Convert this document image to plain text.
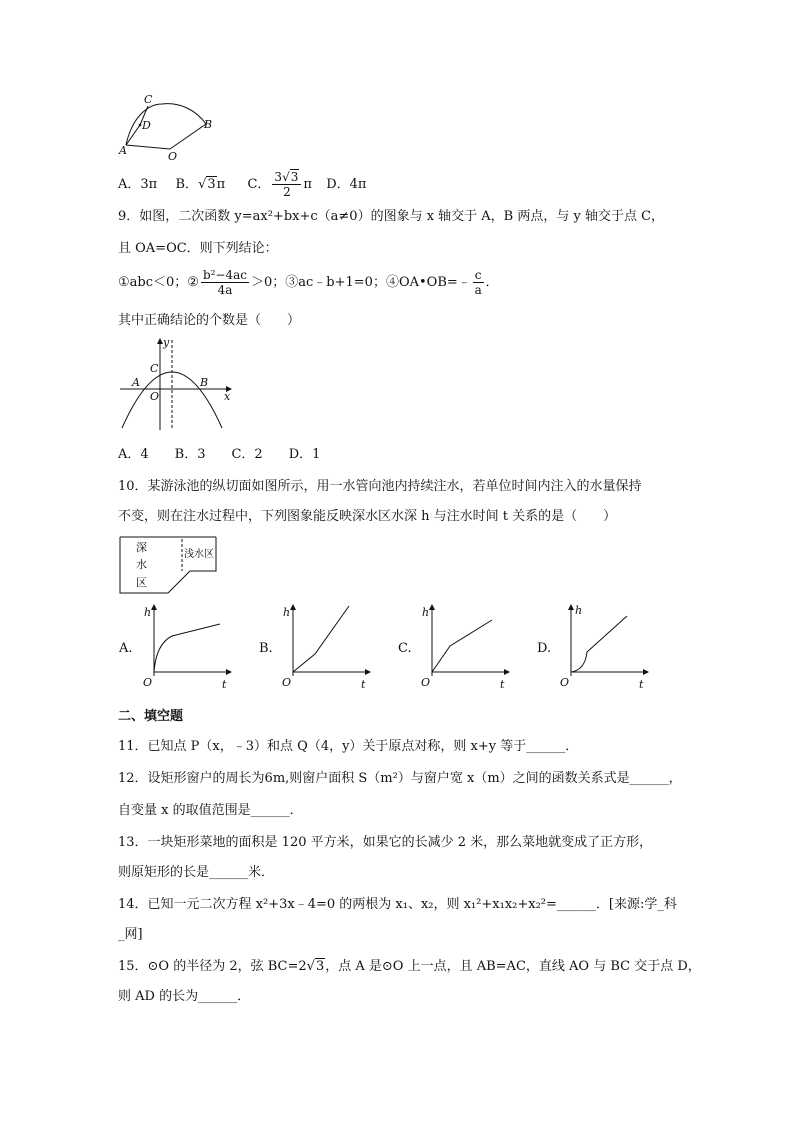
C
D	B
A	O
A．3π B．√3π C． $\frac{3√3}{2}$ π D．4π
9．如图，二次函数 y=ax²+bx+c（a≠0）的图象与 x 轴交于 A，B 两点，与 y 轴交于点 C，
且 OA=OC．则下列结论：
①abc＜0；② $\frac{\text{b²−4ac}}{4a} >0$；③ac﹣b+1=0；④OA•OB=﹣ $\frac{c}{a}$ ．
其中正确结论的个数是（　　）
y
C
A
O
B
x
A．4　　B．3　　C．2　　D．1
10．某游泳池的纵切面如图所示，用一水管向池内持续注水，若单位时间内注入的水量保持
不变，则在注水过程中，下列图象能反映深水区水深 h 与注水时间 t 关系的是（　　）
深
水
区
浅水区
A.
h
O	t
B.
h
O	t
C.
h
O	t
D.
h
O	t
二、填空题
11．已知点 P（x，﹣3）和点 Q（4，y）关于原点对称，则 x+y 等于______．
12．设矩形窗户的周长为6m,则窗户面积 S（m²）与窗户宽 x（m）之间的函数关系式是______，
自变量 x 的取值范围是______．
13．一块矩形菜地的面积是 120 平方米，如果它的长减少 2 米，那么菜地就变成了正方形，
则原矩形的长是______米．
14．已知一元二次方程 x²+3x﹣4=0 的两根为 x₁、x₂，则 x₁²+x₁x₂+x₂²=______．[来源:学_科
_网]
15．⊙O 的半径为 2，弦 BC=2√3，点 A 是⊙O 上一点，且 AB=AC，直线 AO 与 BC 交于点 D，
则 AD 的长为______．
